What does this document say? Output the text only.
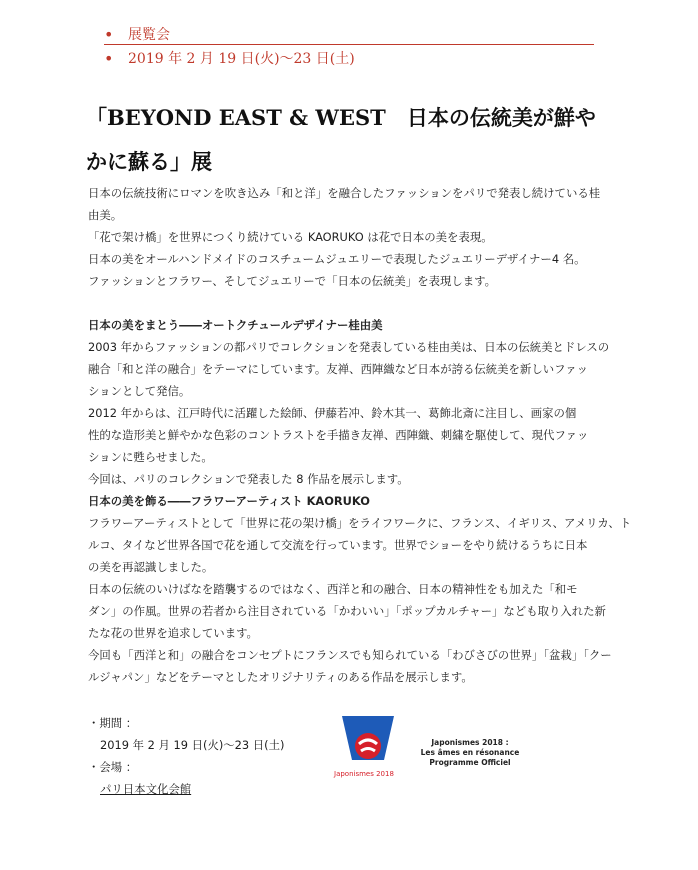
• 展覧会
• 2019 年 2 月 19 日(火)〜23 日(土)
「BEYOND EAST & WEST　日本の伝統美が鮮や
かに蘇る」展
日本の伝統技術にロマンを吹き込み「和と洋」を融合したファッションをパリで発表し続けている桂
由美。
「花で架け橋」を世界につくり続けている KAORUKO は花で日本の美を表現。
日本の美をオールハンドメイドのコスチュームジュエリーで表現したジュエリーデザイナー4 名。
ファッションとフラワー、そしてジュエリーで「日本の伝統美」を表現します。
日本の美をまとう――オートクチュールデザイナー桂由美
2003 年からファッションの都パリでコレクションを発表している桂由美は、日本の伝統美とドレスの
融合「和と洋の融合」をテーマにしています。友禅、西陣織など日本が誇る伝統美を新しいファッ
ションとして発信。
2012 年からは、江戸時代に活躍した絵師、伊藤若冲、鈴木其一、葛飾北斎に注目し、画家の個
性的な造形美と鮮やかな色彩のコントラストを手描き友禅、西陣織、刺繍を駆使して、現代ファッ
ションに甦らせました。
今回は、パリのコレクションで発表した 8 作品を展示します。
日本の美を飾る――フラワーアーティスト KAORUKO
フラワーアーティストとして「世界に花の架け橋」をライフワークに、フランス、イギリス、アメリカ、ト
ルコ、タイなど世界各国で花を通して交流を行っています。世界でショーをやり続けるうちに日本
の美を再認識しました。
日本の伝統のいけばなを踏襲するのではなく、西洋と和の融合、日本の精神性をも加えた「和モ
ダン」の作風。世界の若者から注目されている「かわいい」「ポップカルチャー」なども取り入れた新
たな花の世界を追求しています。
今回も「西洋と和」の融合をコンセプトにフランスでも知られている「わびさびの世界」「盆栽」「クー
ルジャパン」などをテーマとしたオリジナリティのある作品を展示します。
・期間 ：
2019 年 2 月 19 日(火)〜23 日(土)
・会場 ：
パリ日本文化会館
Japonismes 2018
Japonismes 2018 :
Les âmes en résonance
Programme Officiel
